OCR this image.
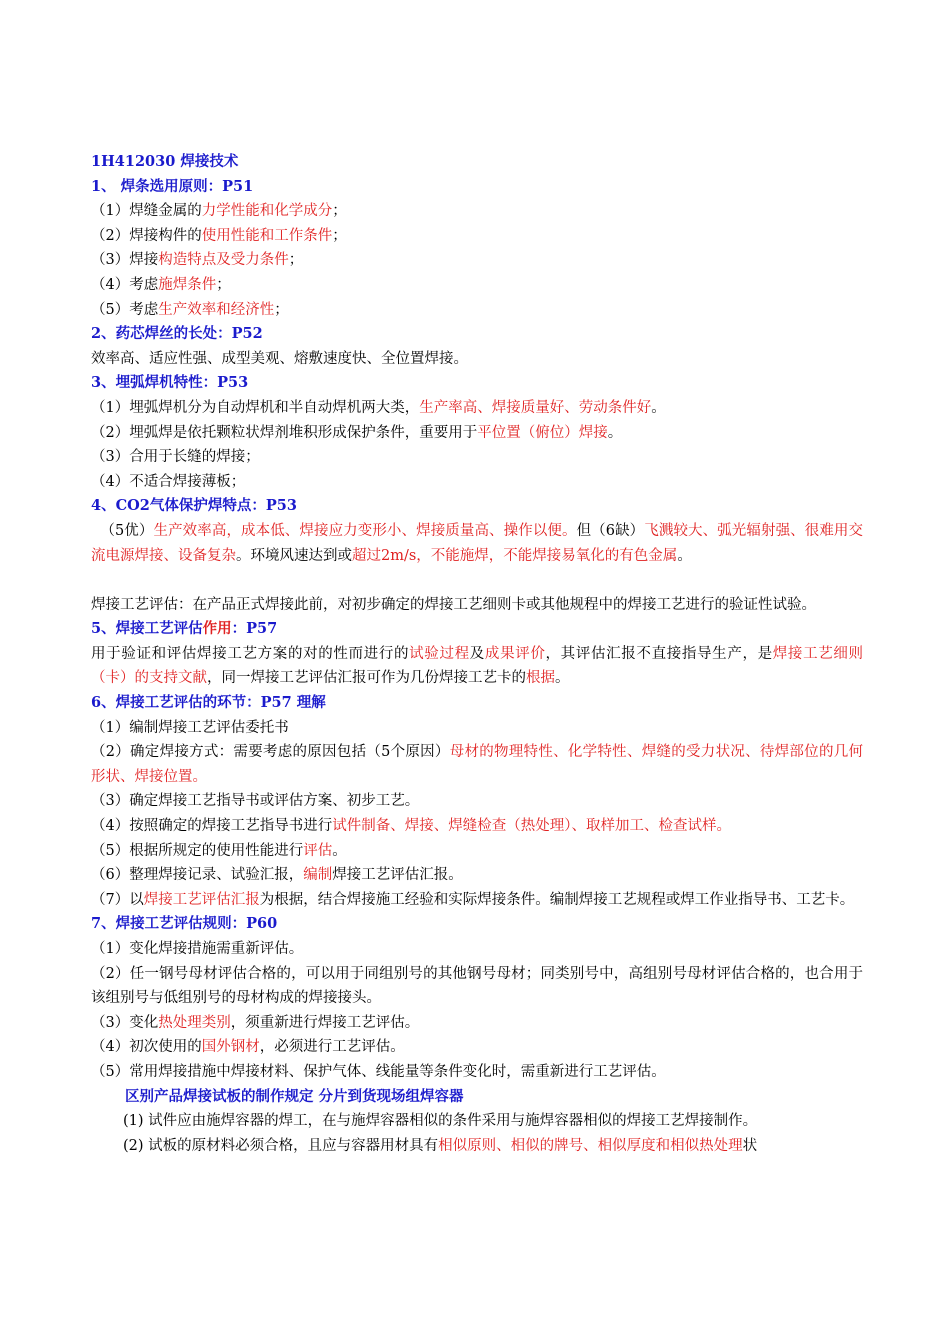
1H412030 焊接技术
1、 焊条选用原则：P51
（1）焊缝金属的力学性能和化学成分；
（2）焊接构件的使用性能和工作条件；
（3）焊接构造特点及受力条件；
（4）考虑施焊条件；
（5）考虑生产效率和经济性；
2、药芯焊丝的长处：P52
效率高、适应性强、成型美观、熔敷速度快、全位置焊接。
3、埋弧焊机特性：P53
（1）埋弧焊机分为自动焊机和半自动焊机两大类，生产率高、焊接质量好、劳动条件好。
（2）埋弧焊是依托颗粒状焊剂堆积形成保护条件，重要用于平位置（俯位）焊接。
（3）合用于长缝的焊接；
（4）不适合焊接薄板；
4、CO2气体保护焊特点：P53
（5优）生产效率高，成本低、焊接应力变形小、焊接质量高、操作以便。但（6缺）飞溅较大、弧光辐射强、很难用交流电源焊接、设备复杂。环境风速达到或超过2m/s，不能施焊，不能焊接易氧化的有色金属。
焊接工艺评估：在产品正式焊接此前，对初步确定的焊接工艺细则卡或其他规程中的焊接工艺进行的验证性试验。
5、焊接工艺评估作用：P57
用于验证和评估焊接工艺方案的对的性而进行的试验过程及成果评价，其评估汇报不直接指导生产，是焊接工艺细则（卡）的支持文献，同一焊接工艺评估汇报可作为几份焊接工艺卡的根据。
6、焊接工艺评估的环节：P57 理解
（1）编制焊接工艺评估委托书
（2）确定焊接方式：需要考虑的原因包括（5个原因）母材的物理特性、化学特性、焊缝的受力状况、待焊部位的几何形状、焊接位置。
（3）确定焊接工艺指导书或评估方案、初步工艺。
（4）按照确定的焊接工艺指导书进行试件制备、焊接、焊缝检查（热处理）、取样加工、检查试样。
（5）根据所规定的使用性能进行评估。
（6）整理焊接记录、试验汇报，编制焊接工艺评估汇报。
（7）以焊接工艺评估汇报为根据，结合焊接施工经验和实际焊接条件。编制焊接工艺规程或焊工作业指导书、工艺卡。
7、焊接工艺评估规则：P60
（1）变化焊接措施需重新评估。
（2）任一钢号母材评估合格的，可以用于同组别号的其他钢号母材；同类别号中，高组别号母材评估合格的，也合用于该组别号与低组别号的母材构成的焊接接头。
（3）变化热处理类别，须重新进行焊接工艺评估。
（4）初次使用的国外钢材，必须进行工艺评估。
（5）常用焊接措施中焊接材料、保护气体、线能量等条件变化时，需重新进行工艺评估。
区别产品焊接试板的制作规定 分片到货现场组焊容器
(1) 试件应由施焊容器的焊工，在与施焊容器相似的条件采用与施焊容器相似的焊接工艺焊接制作。
(2) 试板的原材料必须合格，且应与容器用材具有相似原则、相似的牌号、相似厚度和相似热处理状
